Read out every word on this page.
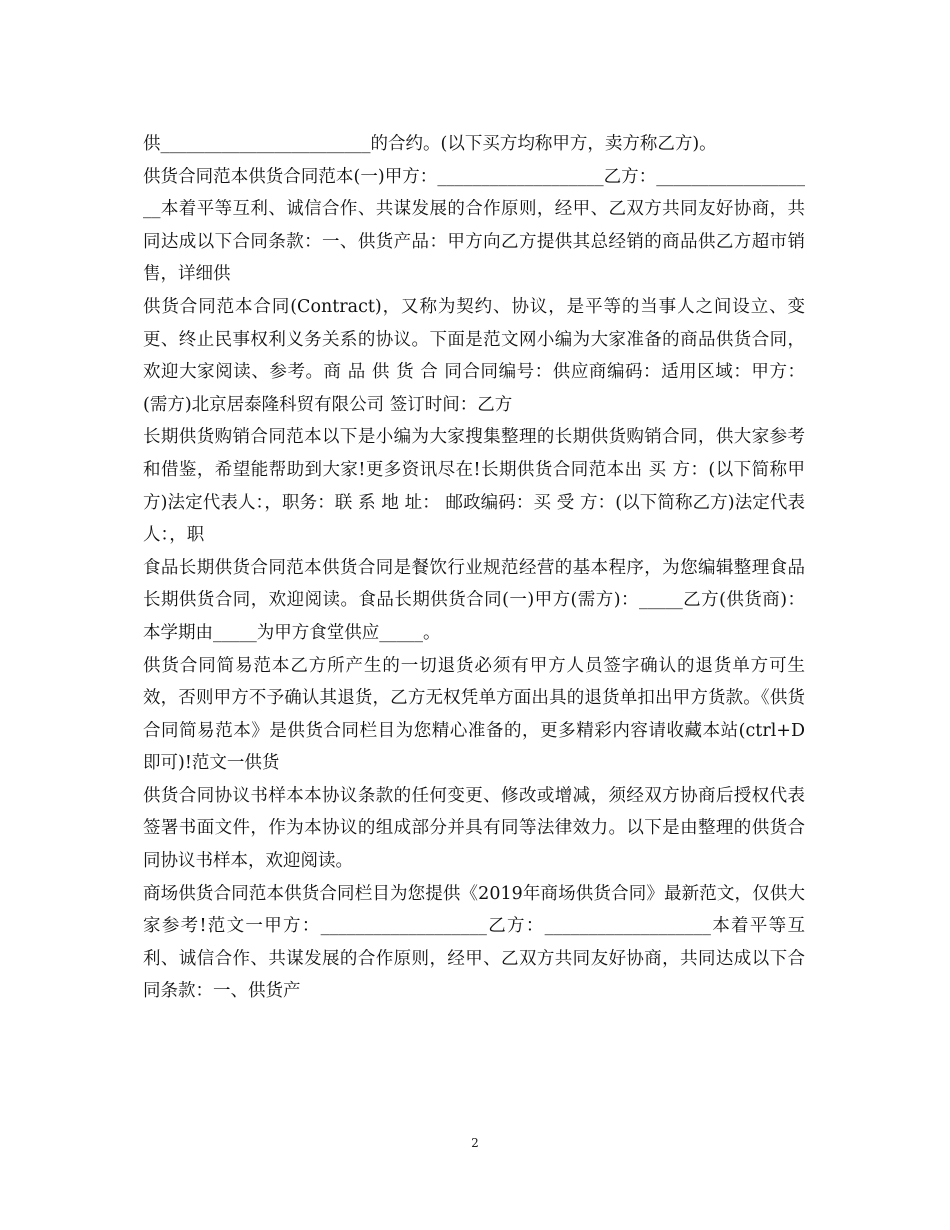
供________________________的合约。(以下买方均称甲方，卖方称乙方)。

供货合同范本供货合同范本(一)甲方：___________________乙方：___________________本着平等互利、诚信合作、共谋发展的合作原则，经甲、乙双方共同友好协商，共同达成以下合同条款：一、供货产品：甲方向乙方提供其总经销的商品供乙方超市销售，详细供

供货合同范本合同(Contract)，又称为契约、协议，是平等的当事人之间设立、变更、终止民事权利义务关系的协议。下面是范文网小编为大家准备的商品供货合同，欢迎大家阅读、参考。商 品 供 货 合 同合同编号：供应商编码：适用区域：甲方：(需方)北京居泰隆科贸有限公司 签订时间：乙方

长期供货购销合同范本以下是小编为大家搜集整理的长期供货购销合同，供大家参考和借鉴，希望能帮助到大家!更多资讯尽在!长期供货合同范本出 买 方：(以下简称甲方)法定代表人：，职务：联 系 地 址： 邮政编码：买 受 方：(以下简称乙方)法定代表人：，职

食品长期供货合同范本供货合同是餐饮行业规范经营的基本程序，为您编辑整理食品长期供货合同，欢迎阅读。食品长期供货合同(一)甲方(需方)：_____乙方(供货商)：本学期由_____为甲方食堂供应_____。

供货合同简易范本乙方所产生的一切退货必须有甲方人员签字确认的退货单方可生效，否则甲方不予确认其退货，乙方无权凭单方面出具的退货单扣出甲方货款。《供货合同简易范本》是供货合同栏目为您精心准备的，更多精彩内容请收藏本站(ctrl+D 即可)!范文一供货

供货合同协议书样本本协议条款的任何变更、修改或增减，须经双方协商后授权代表签署书面文件，作为本协议的组成部分并具有同等法律效力。以下是由整理的供货合同协议书样本，欢迎阅读。

商场供货合同范本供货合同栏目为您提供《2019年商场供货合同》最新范文，仅供大家参考!范文一甲方：___________________乙方：___________________本着平等互利、诚信合作、共谋发展的合作原则，经甲、乙双方共同友好协商，共同达成以下合同条款：一、供货产

2
